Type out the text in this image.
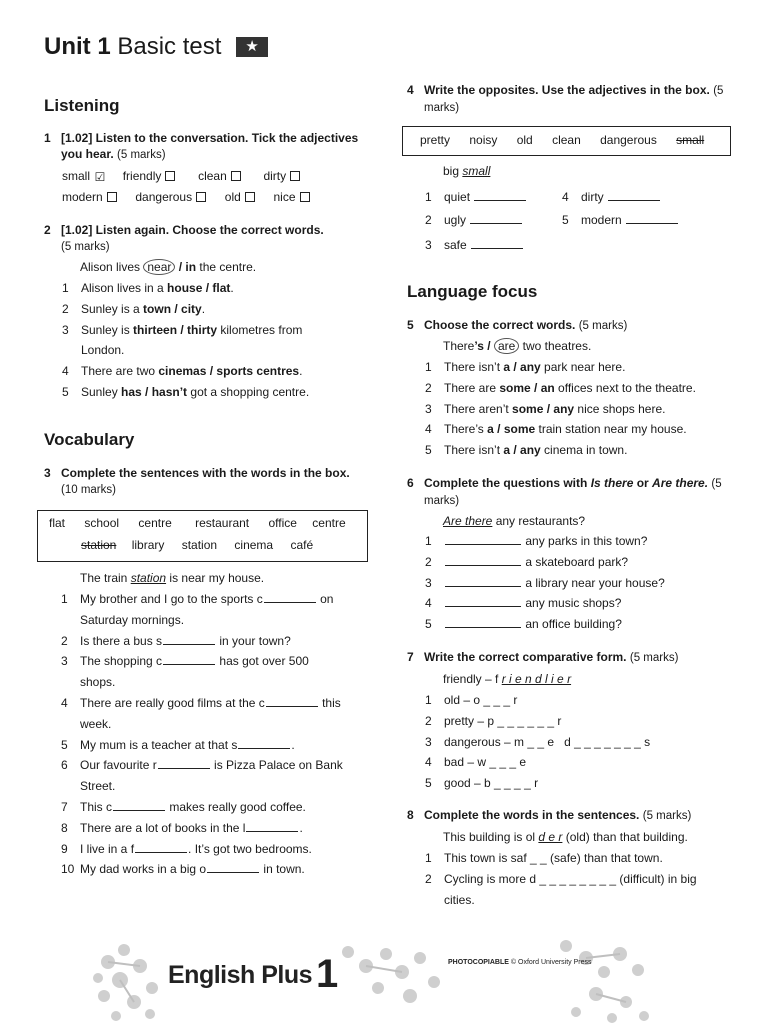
Unit 1 Basic test ★
Listening
1 [1.02] Listen to the conversation. Tick the adjectives you hear. (5 marks)
small ☑ friendly	clean	dirty
modern	dangerous	old	nice
2 [1.02] Listen again. Choose the correct words.
(5 marks)
Alison lives near / in the centre.
1 Alison lives in a house / flat.
2 Sunley is a town / city.
3 Sunley is thirteen / thirty kilometres from
London.
4 There are two cinemas / sports centres.
5 Sunley has / hasn’t got a shopping centre.
Vocabulary
3 Complete the sentences with the words in the box. (10 marks)
flat school centre restaurant office centre
station library station cinema café
The train station is near my house.
1 My brother and I go to the sports c	on
Saturday mornings.
2 Is there a bus s	in your town?
3 The shopping c	has got over 500
shops.
4 There are really good films at the c	this
week.
5 My mum is a teacher at that s	.
6 Our favourite r	is Pizza Palace on Bank
Street.
7 This c	makes really good coffee.
8 There are a lot of books in the l	.
9 I live in a f	. It’s got two bedrooms.
10 My dad works in a big o	in town.
4 Write the opposites. Use the adjectives in the box. (5 marks)
pretty noisy old clean dangerous small
big small
1 quiet	4 dirty
2 ugly	5 modern
3 safe
Language focus
5 Choose the correct words. (5 marks)
There’s / are two theatres.
1 There isn’t a / any park near here.
2 There are some / an offices next to the theatre.
3 There aren’t some / any nice shops here.
4 There’s a / some train station near my house.
5 There isn’t a / any cinema in town.
6 Complete the questions with Is there or Are there. (5 marks)
Are there any restaurants?
1	any parks in this town?
2	a skateboard park?
3	a library near your house?
4	any music shops?
5	an office building?
7 Write the correct comparative form. (5 marks)
friendly – f r i e n d l i e r
1 old – o _ _ _ r
2 pretty – p _ _ _ _ _ _ r
3 dangerous – m _ _ e   d _ _ _ _ _ _ _ s
4 bad – w _ _ _ e
5 good – b _ _ _ _ r
8 Complete the words in the sentences. (5 marks)
This building is ol d e r (old) than that building.
1 This town is saf _ _ (safe) than that town.
2 Cycling is more d _ _ _ _ _ _ _ _ (difficult) in big
cities.
English Plus 1	PHOTOCOPIABLE © Oxford University Press
